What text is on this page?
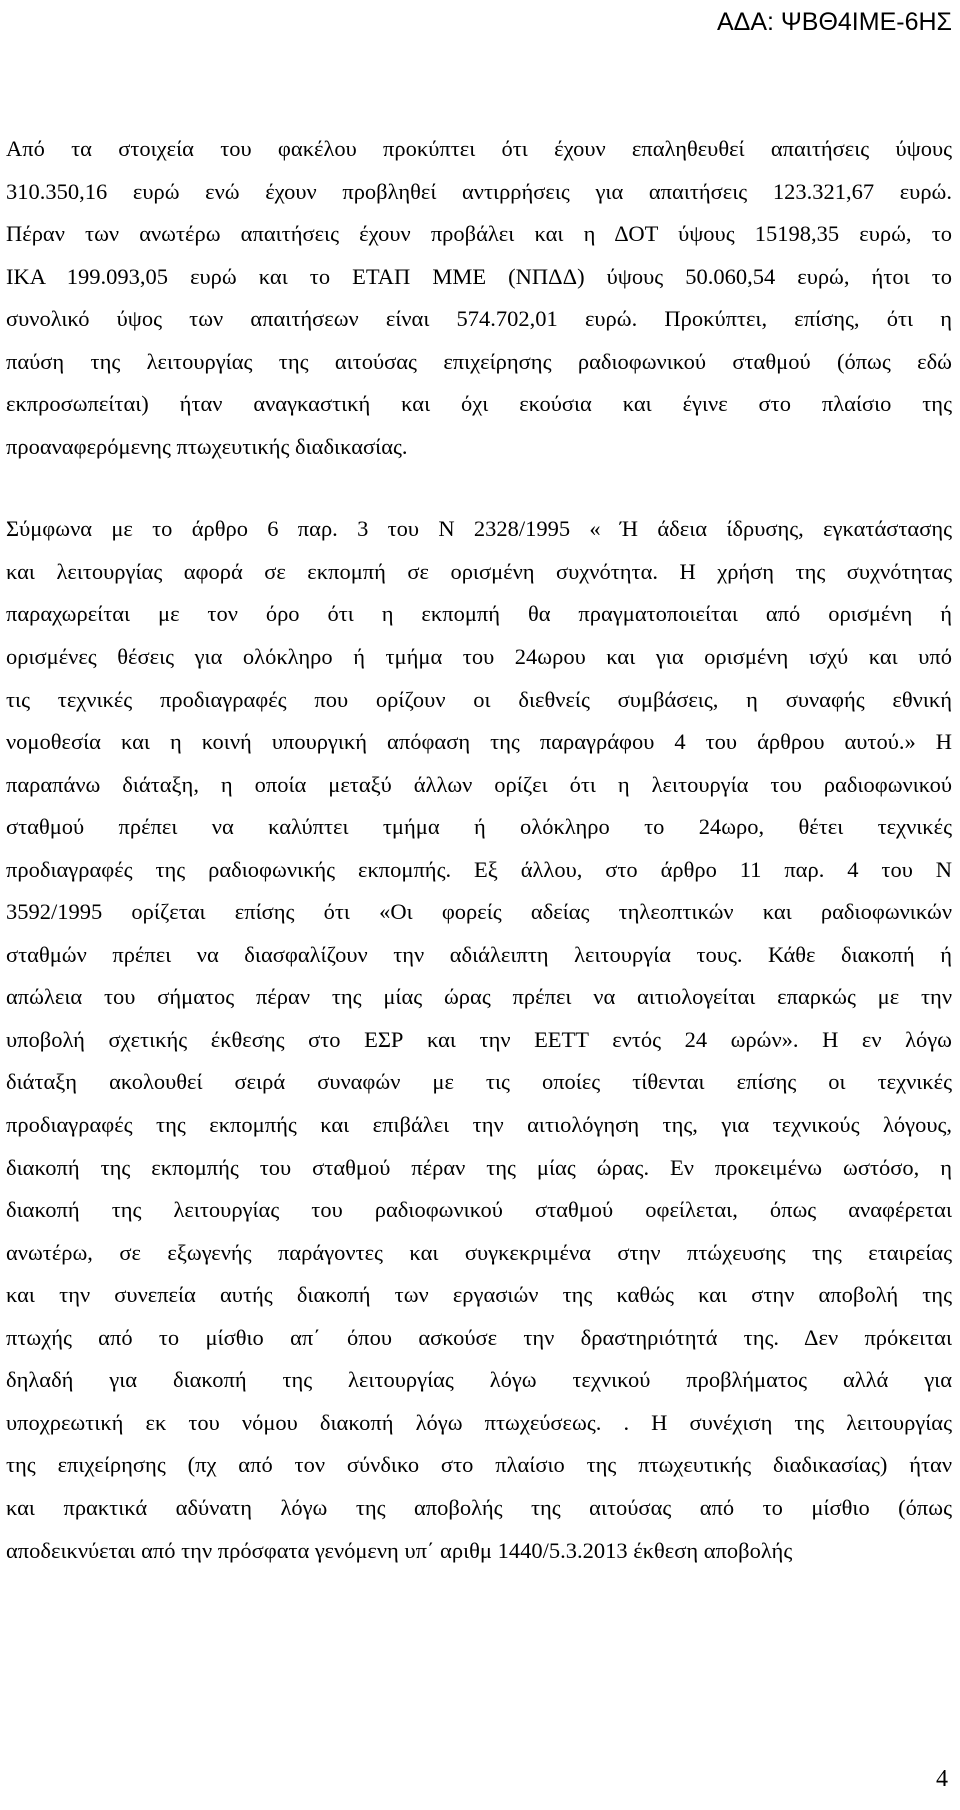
ΑΔΑ: ΨΒΘ4ΙΜΕ-6ΗΣ
Από τα στοιχεία του φακέλου προκύπτει ότι έχουν επαληθευθεί απαιτήσεις ύψους
310.350,16 ευρώ ενώ έχουν προβληθεί αντιρρήσεις για απαιτήσεις 123.321,67 ευρώ.
Πέραν των ανωτέρω απαιτήσεις έχουν προβάλει και η ΔΟΤ ύψους 15198,35 ευρώ, το
ΙΚΑ 199.093,05 ευρώ και το ΕΤΑΠ ΜΜΕ (ΝΠΔΔ) ύψους 50.060,54 ευρώ, ήτοι το
συνολικό ύψος των απαιτήσεων είναι 574.702,01 ευρώ. Προκύπτει, επίσης, ότι η
παύση της λειτουργίας της αιτούσας επιχείρησης ραδιοφωνικού σταθμού (όπως εδώ
εκπροσωπείται) ήταν αναγκαστική και όχι εκούσια και έγινε στο πλαίσιο της
προαναφερόμενης πτωχευτικής διαδικασίας.
Σύμφωνα με το άρθρο 6 παρ. 3 του Ν 2328/1995 « Ή άδεια ίδρυσης, εγκατάστασης
και λειτουργίας αφορά σε εκπομπή σε ορισμένη συχνότητα. Η χρήση της συχνότητας
παραχωρείται με τον όρο ότι η εκπομπή θα πραγματοποιείται από ορισμένη ή
ορισμένες θέσεις για ολόκληρο ή τμήμα του 24ωρου και για ορισμένη ισχύ και υπό
τις τεχνικές προδιαγραφές που ορίζουν οι διεθνείς συμβάσεις, η συναφής εθνική
νομοθεσία και η κοινή υπουργική απόφαση της παραγράφου 4 του άρθρου αυτού.» Η
παραπάνω διάταξη, η οποία μεταξύ άλλων ορίζει ότι η λειτουργία του ραδιοφωνικού
σταθμού πρέπει να καλύπτει τμήμα ή ολόκληρο το 24ωρο, θέτει τεχνικές
προδιαγραφές της ραδιοφωνικής εκπομπής. Εξ άλλου, στο άρθρο 11 παρ. 4 του Ν
3592/1995 ορίζεται επίσης ότι «Οι φορείς αδείας τηλεοπτικών και ραδιοφωνικών
σταθμών πρέπει να διασφαλίζουν την αδιάλειπτη λειτουργία τους. Κάθε διακοπή ή
απώλεια του σήματος πέραν της μίας ώρας πρέπει να αιτιολογείται επαρκώς με την
υποβολή σχετικής έκθεσης στο ΕΣΡ και την ΕΕΤΤ εντός 24 ωρών». Η εν λόγω
διάταξη ακολουθεί σειρά συναφών με τις οποίες τίθενται επίσης οι τεχνικές
προδιαγραφές της εκπομπής και επιβάλει την αιτιολόγηση της, για τεχνικούς λόγους,
διακοπή της εκπομπής του σταθμού πέραν της μίας ώρας. Εν προκειμένω ωστόσο, η
διακοπή της λειτουργίας του ραδιοφωνικού σταθμού οφείλεται, όπως αναφέρεται
ανωτέρω, σε εξωγενής παράγοντες και συγκεκριμένα στην πτώχευσης της εταιρείας
και την συνεπεία αυτής διακοπή των εργασιών της καθώς και στην αποβολή της
πτωχής από το μίσθιο απ΄ όπου ασκούσε την δραστηριότητά της. Δεν πρόκειται
δηλαδή για διακοπή της λειτουργίας λόγω τεχνικού προβλήματος αλλά για
υποχρεωτική εκ του νόμου διακοπή λόγω πτωχεύσεως. . Η συνέχιση της λειτουργίας
της επιχείρησης (πχ από τον σύνδικο στο πλαίσιο της πτωχευτικής διαδικασίας) ήταν
και πρακτικά αδύνατη λόγω της αποβολής της αιτούσας από το μίσθιο (όπως
αποδεικνύεται από την πρόσφατα γενόμενη υπ΄ αριθμ 1440/5.3.2013 έκθεση αποβολής
4
